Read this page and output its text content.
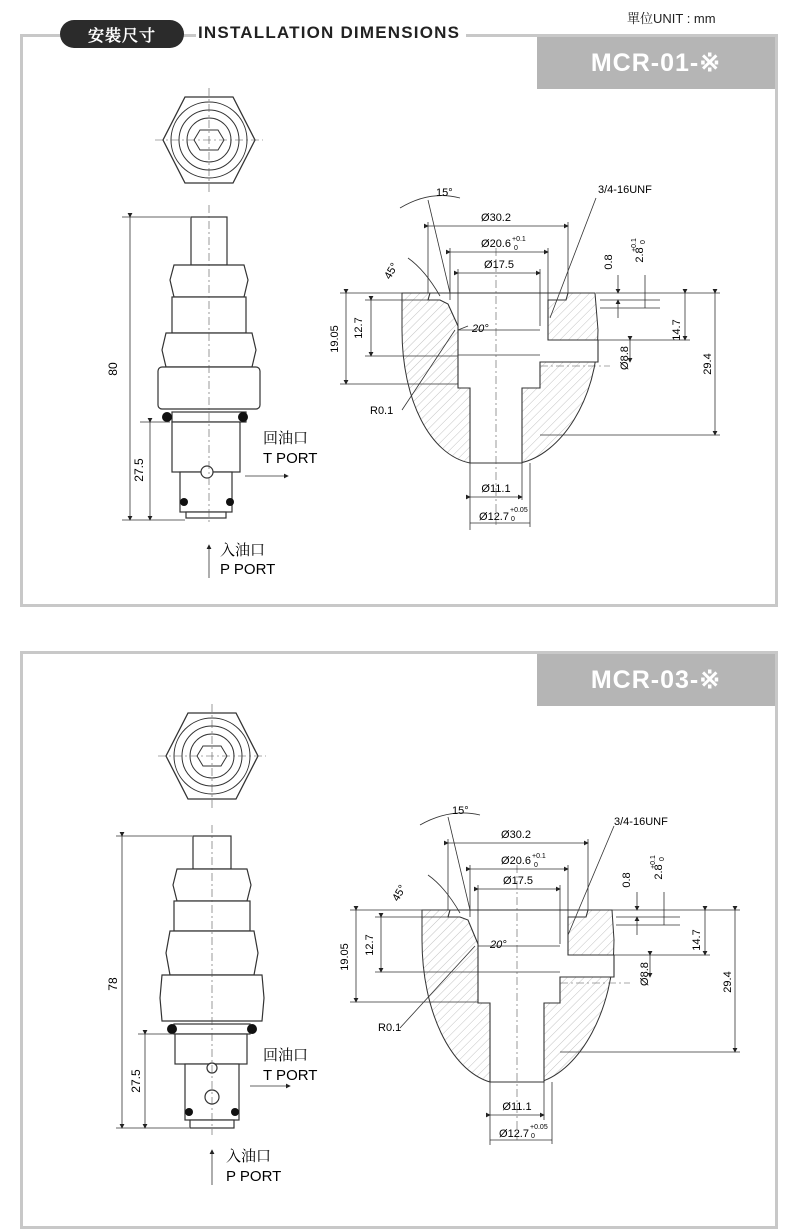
單位UNIT : mm
MCR-01-※
安裝尺寸	INSTALLATION DIMENSIONS
MCR-03-※
80
27.5
回油口
T PORT
入油口
P PORT
15°
45°
20°
3/4-16UNF
Ø30.2
Ø20.6 +0.1
0
Ø17.5
Ø11.1
Ø12.7
+0.05
0
Ø8.8
0.8 2.8
+0.1 0
14.7
29.4
19.05 12.7
R0.1
78
27.5
回油口
T PORT
入油口
P PORT
15°
45°
20°
3/4-16UNF
Ø30.2
Ø20.6 +0.1
0
Ø17.5
Ø11.1
Ø12.7
+0.05
0
Ø8.8
0.8
2.8
+0.1 0
14.7
29.4
19.05 12.7
R0.1
